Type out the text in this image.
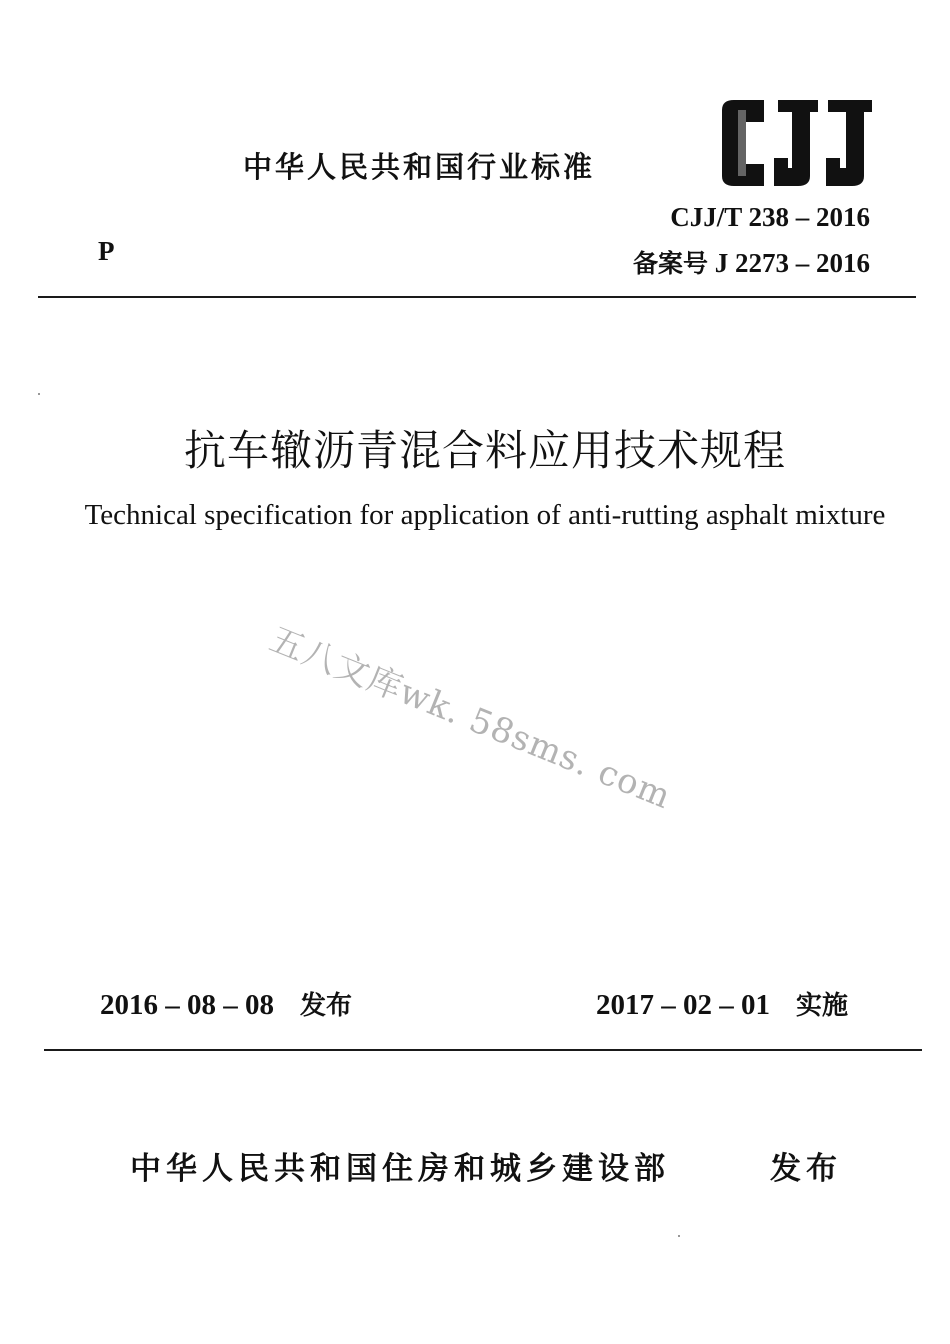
中华人民共和国行业标准
CJJ/T 238 – 2016
备案号 J 2273 – 2016
P
抗车辙沥青混合料应用技术规程
Technical specification for application of anti-rutting asphalt mixture
五八文库wk. 58sms. com
2016 – 08 – 08 发布	2017 – 02 – 01 实施
中华人民共和国住房和城乡建设部	发布
